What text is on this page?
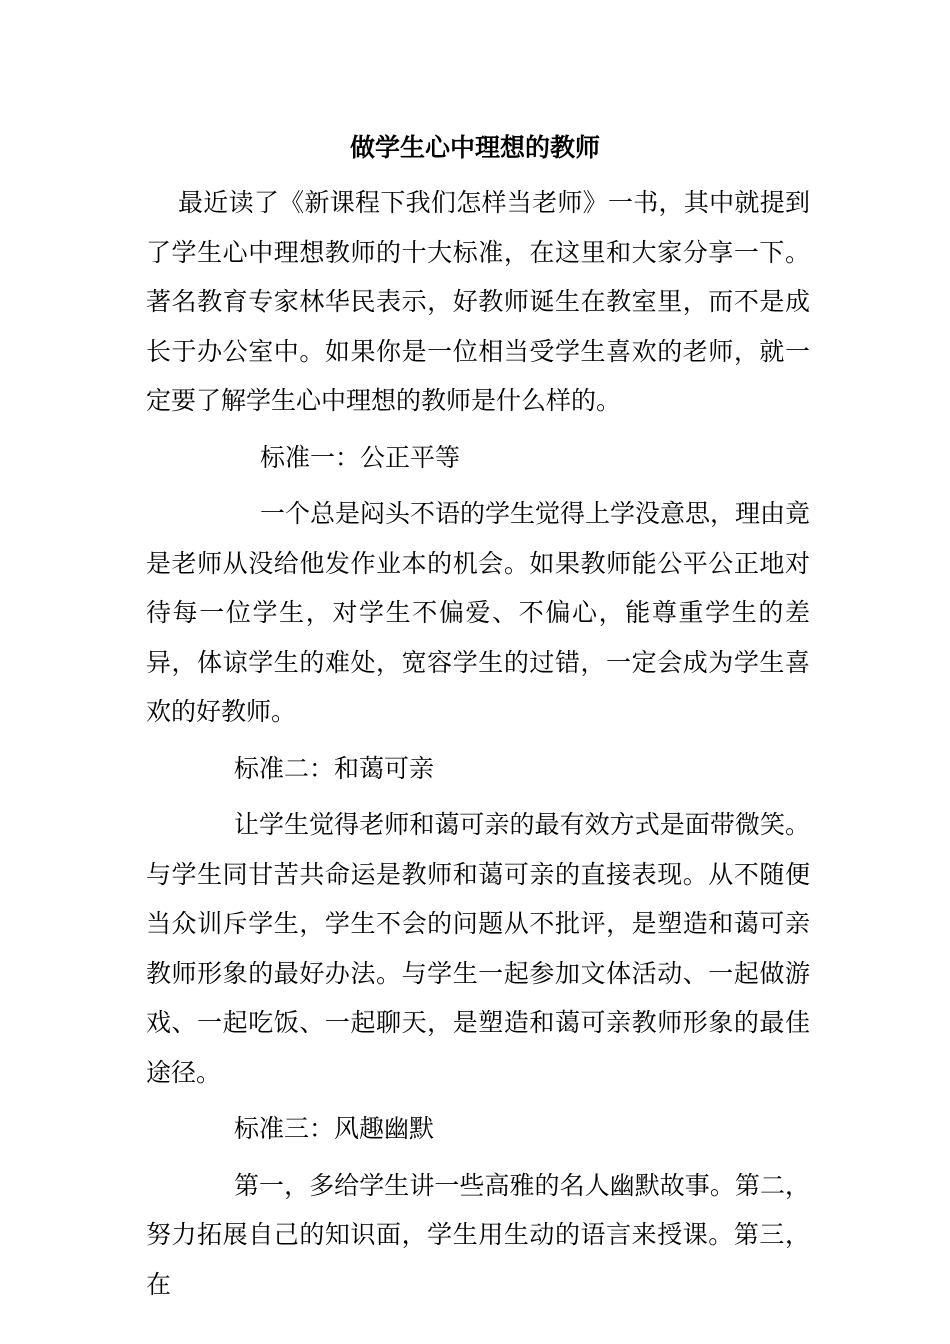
做学生心中理想的教师

最近读了《新课程下我们怎样当老师》一书，其中就提到了学生心中理想教师的十大标准，在这里和大家分享一下。著名教育专家林华民表示，好教师诞生在教室里，而不是成长于办公室中。如果你是一位相当受学生喜欢的老师，就一定要了解学生心中理想的教师是什么样的。

标准一：公正平等

一个总是闷头不语的学生觉得上学没意思，理由竟是老师从没给他发作业本的机会。如果教师能公平公正地对待每一位学生，对学生不偏爱、不偏心，能尊重学生的差异，体谅学生的难处，宽容学生的过错，一定会成为学生喜欢的好教师。

标准二：和蔼可亲

让学生觉得老师和蔼可亲的最有效方式是面带微笑。与学生同甘苦共命运是教师和蔼可亲的直接表现。从不随便当众训斥学生，学生不会的问题从不批评，是塑造和蔼可亲教师形象的最好办法。与学生一起参加文体活动、一起做游戏、一起吃饭、一起聊天，是塑造和蔼可亲教师形象的最佳途径。

标准三：风趣幽默

第一，多给学生讲一些高雅的名人幽默故事。第二，努力拓展自己的知识面，学生用生动的语言来授课。第三，在
